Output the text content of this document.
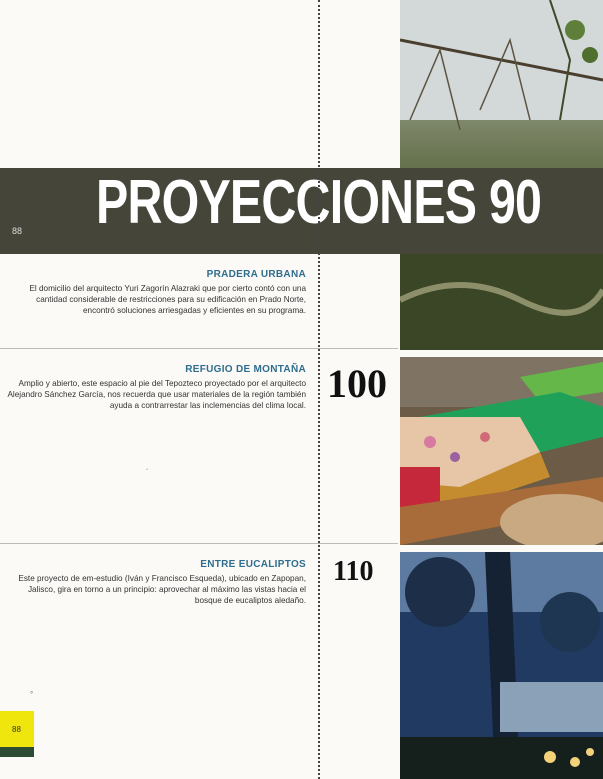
88 PROYECCIONES 90
PRADERA URBANA
El domicilio del arquitecto Yuri Zagorín Alazraki que por cierto contó con una cantidad considerable de restricciones para su edificación en Prado Norte, encontró soluciones arriesgadas y eficientes en su programa.
REFUGIO DE MONTAÑA
Amplio y abierto, este espacio al pie del Tepozteco proyectado por el arquitecto Alejandro Sánchez García, nos recuerda que usar materiales de la región también ayuda a contrarrestar las inclemencias del clima local. 100
ENTRE EUCALIPTOS
Este proyecto de em-estudio (Iván y Francisco Esqueda), ubicado en Zapopan, Jalisco, gira en torno a un principio: aprovechar al máximo las vistas hacia el bosque de eucaliptos aledaño.
110
´
°
88
